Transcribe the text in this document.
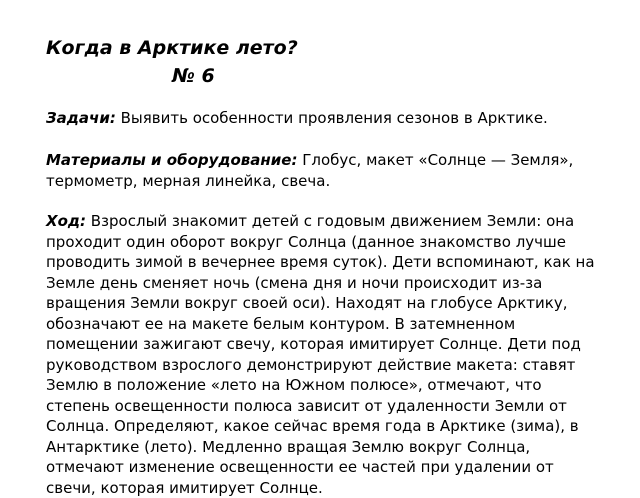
Когда в Арктике лето?
№ 6

Задачи: Выявить особенности проявления сезонов в Арктике.

Материалы и оборудование: Глобус, макет «Солнце — Земля», термометр, мерная линейка, свеча.

Ход: Взрослый знакомит детей с годовым движением Земли: она проходит один оборот вокруг Солнца (данное знакомство лучше проводить зимой в вечернее время суток). Дети вспоминают, как на Земле день сменяет ночь (смена дня и ночи происходит из-за вращения Земли вокруг своей оси). Находят на глобусе Арктику, обозначают ее на макете белым контуром. В затемненном помещении зажигают свечу, которая имитирует Солнце. Дети под руководством взрослого демонстрируют действие макета: ставят Землю в положение «лето на Южном полюсе», отмечают, что степень освещенности полюса зависит от удаленности Земли от Солнца. Определяют, какое сейчас время года в Арктике (зима), в Антарктике (лето). Медленно вращая Землю вокруг Солнца, отмечают изменение освещенности ее частей при удалении от свечи, которая имитирует Солнце.
